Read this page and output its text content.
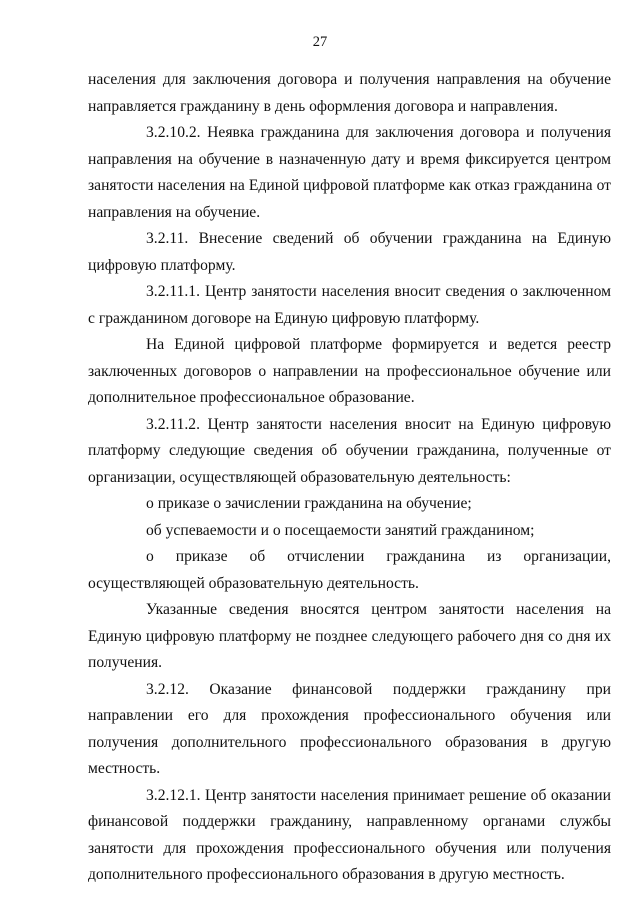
27

населения для заключения договора и получения направления на обучение направляется гражданину в день оформления договора и направления.

3.2.10.2. Неявка гражданина для заключения договора и получения направления на обучение в назначенную дату и время фиксируется центром занятости населения на Единой цифровой платформе как отказ гражданина от направления на обучение.

3.2.11. Внесение сведений об обучении гражданина на Единую цифровую платформу.

3.2.11.1. Центр занятости населения вносит сведения о заключенном с гражданином договоре на Единую цифровую платформу.

На Единой цифровой платформе формируется и ведется реестр заключенных договоров о направлении на профессиональное обучение или дополнительное профессиональное образование.

3.2.11.2. Центр занятости населения вносит на Единую цифровую платформу следующие сведения об обучении гражданина, полученные от организации, осуществляющей образовательную деятельность:

о приказе о зачислении гражданина на обучение;

об успеваемости и о посещаемости занятий гражданином;

о приказе об отчислении гражданина из организации, осуществляющей образовательную деятельность.

Указанные сведения вносятся центром занятости населения на Единую цифровую платформу не позднее следующего рабочего дня со дня их получения.

3.2.12. Оказание финансовой поддержки гражданину при направлении его для прохождения профессионального обучения или получения дополнительного профессионального образования в другую местность.

3.2.12.1. Центр занятости населения принимает решение об оказании финансовой поддержки гражданину, направленному органами службы занятости для прохождения профессионального обучения или получения дополнительного профессионального образования в другую местность.
